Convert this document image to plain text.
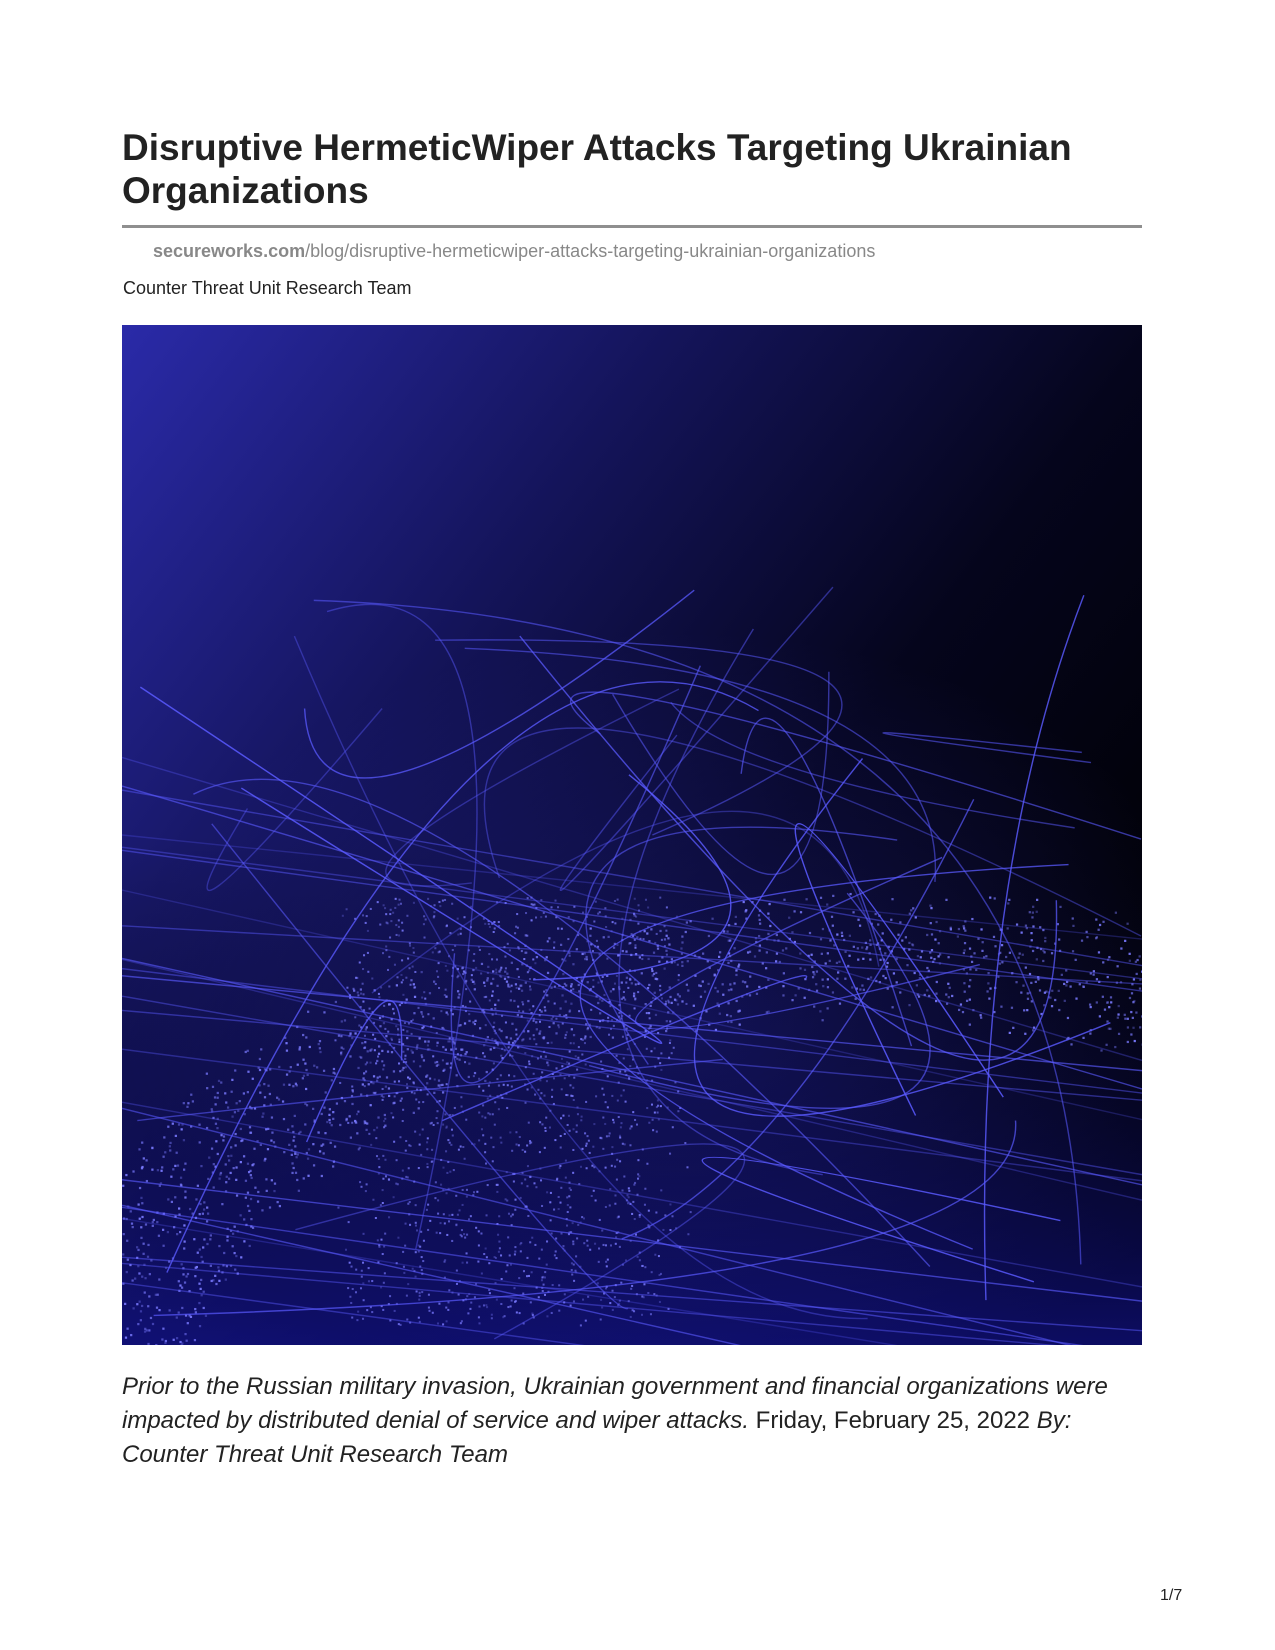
Disruptive HermeticWiper Attacks Targeting Ukrainian Organizations
secureworks.com/blog/disruptive-hermeticwiper-attacks-targeting-ukrainian-organizations
Counter Threat Unit Research Team

Prior to the Russian military invasion, Ukrainian government and financial organizations were impacted by distributed denial of service and wiper attacks. Friday, February 25, 2022 By: Counter Threat Unit Research Team

1/7
